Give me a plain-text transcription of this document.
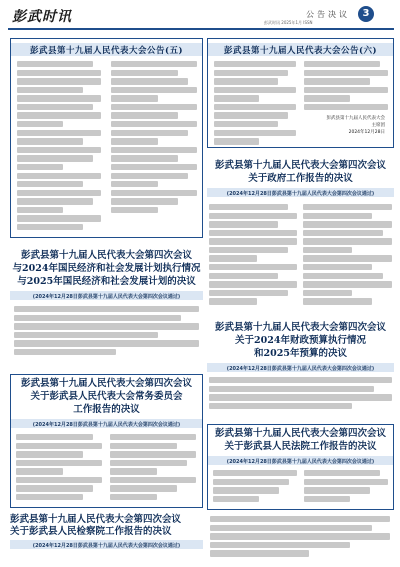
彭武时讯	彭武时讯 2025年1月 ISSN
公告决议	3
彭武县第十九届人民代表大会公告(五)	彭武县第十九届人民代表大会公告(六)
彭武县第十九届人民代表大会
主席团
2024年12月28日
彭武县第十九届人民代表大会第四次会议
关于政府工作报告的决议
(2024年12月28日彭武县第十九届人民代表大会第四次会议通过)
彭武县第十九届人民代表大会第四次会议
与2024年国民经济和社会发展计划执行情况
与2025年国民经济和社会发展计划的决议
(2024年12月28日彭武县第十九届人民代表大会第四次会议通过)
彭武县第十九届人民代表大会第四次会议
关于2024年财政预算执行情况
和2025年预算的决议
(2024年12月28日彭武县第十九届人民代表大会第四次会议通过)
彭武县第十九届人民代表大会第四次会议
关于彭武县人民代表大会常务委员会
工作报告的决议
(2024年12月28日彭武县第十九届人民代表大会第四次会议通过)
彭武县第十九届人民代表大会第四次会议
关于彭武县人民法院工作报告的决议
(2024年12月28日彭武县第十九届人民代表大会第四次会议通过)
彭武县第十九届人民代表大会第四次会议
关于彭武县人民检察院工作报告的决议
(2024年12月28日彭武县第十九届人民代表大会第四次会议通过)
